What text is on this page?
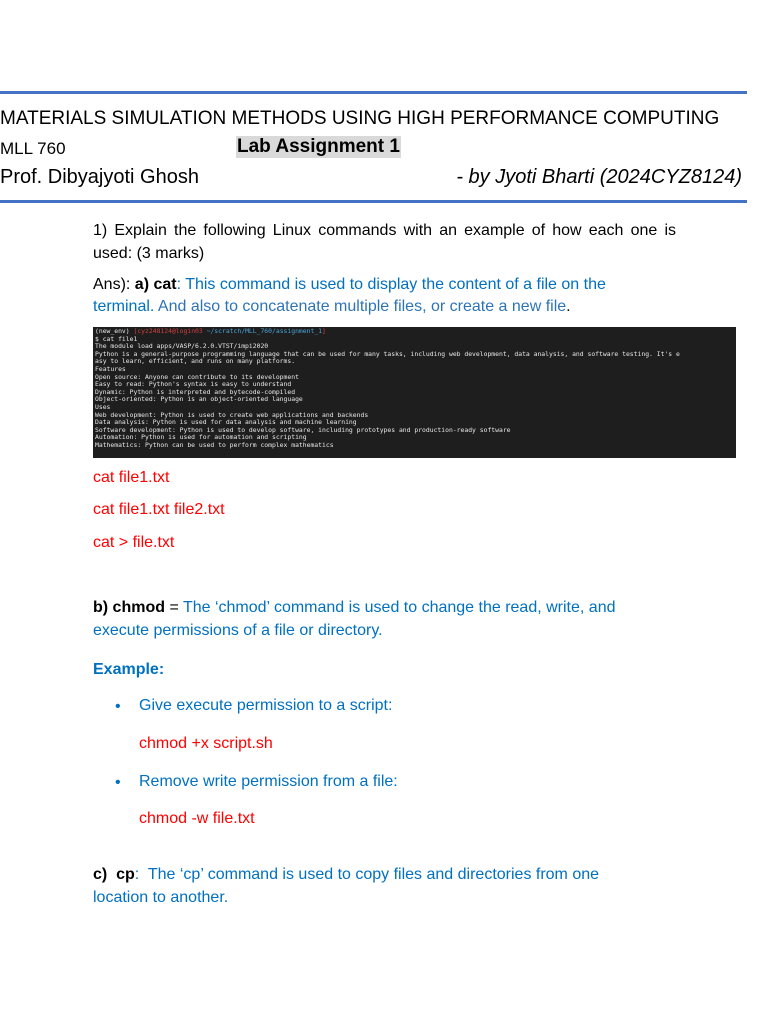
MATERIALS SIMULATION METHODS USING HIGH PERFORMANCE COMPUTING
MLL 760	Lab Assignment 1
Prof. Dibyajyoti Ghosh	- by Jyoti Bharti (2024CYZ8124)
1) Explain the following Linux commands with an example of how each one is used: (3 marks)
Ans): a) cat: This command is used to display the content of a file on the terminal. And also to concatenate multiple files, or create a new file.
(new_env) [cyz248124@login03 ~/scratch/MLL_760/assignment_1]

$ cat file1
The module load apps/VASP/6.2.0.VTST/impi2020
Python is a general-purpose programming language that can be used for many tasks, including web development, data analysis, and software testing. It's e
asy to learn, efficient, and runs on many platforms.
Features
Open source: Anyone can contribute to its development
Easy to read: Python's syntax is easy to understand
Dynamic: Python is interpreted and bytecode-compiled
Object-oriented: Python is an object-oriented language
Uses
Web development: Python is used to create web applications and backends
Data analysis: Python is used for data analysis and machine learning
Software development: Python is used to develop software, including prototypes and production-ready software
Automation: Python is used for automation and scripting
Mathematics: Python can be used to perform complex mathematics
cat file1.txt
cat file1.txt file2.txt
cat > file.txt
b) chmod = The ‘chmod’ command is used to change the read, write, and execute permissions of a file or directory.
Example:
• Give execute permission to a script:
chmod +x script.sh
• Remove write permission from a file:
chmod -w file.txt
c)  cp:  The ‘cp’ command is used to copy files and directories from one location to another.
